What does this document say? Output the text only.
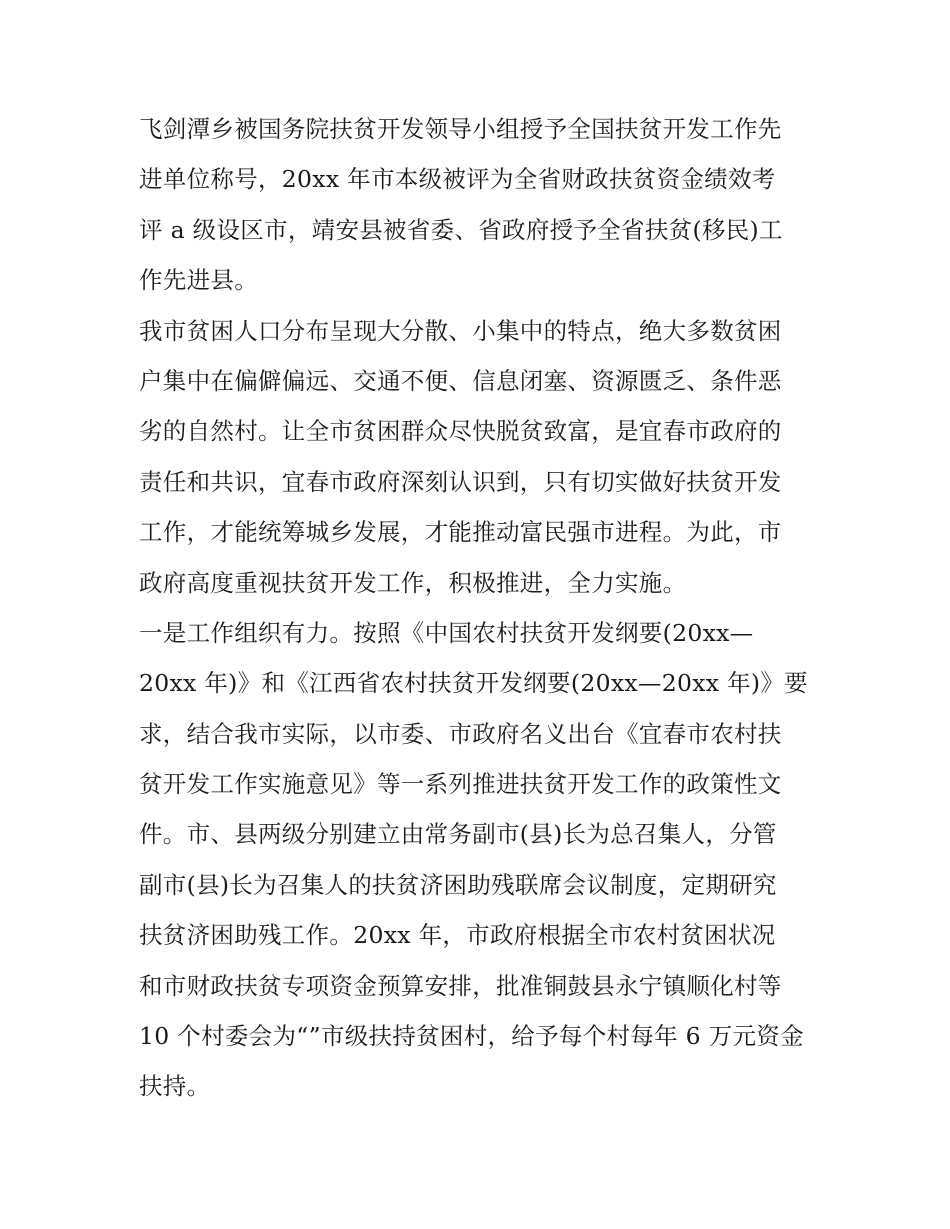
飞剑潭乡被国务院扶贫开发领导小组授予全国扶贫开发工作先
进单位称号，20xx 年市本级被评为全省财政扶贫资金绩效考
评 a 级设区市，靖安县被省委、省政府授予全省扶贫(移民)工
作先进县。
我市贫困人口分布呈现大分散、小集中的特点，绝大多数贫困
户集中在偏僻偏远、交通不便、信息闭塞、资源匮乏、条件恶
劣的自然村。让全市贫困群众尽快脱贫致富，是宜春市政府的
责任和共识，宜春市政府深刻认识到，只有切实做好扶贫开发
工作，才能统筹城乡发展，才能推动富民强市进程。为此，市
政府高度重视扶贫开发工作，积极推进，全力实施。
一是工作组织有力。按照《中国农村扶贫开发纲要(20xx—
20xx 年)》和《江西省农村扶贫开发纲要(20xx—20xx 年)》要
求，结合我市实际，以市委、市政府名义出台《宜春市农村扶
贫开发工作实施意见》等一系列推进扶贫开发工作的政策性文
件。市、县两级分别建立由常务副市(县)长为总召集人，分管
副市(县)长为召集人的扶贫济困助残联席会议制度，定期研究
扶贫济困助残工作。20xx 年，市政府根据全市农村贫困状况
和市财政扶贫专项资金预算安排，批准铜鼓县永宁镇顺化村等
10 个村委会为“”市级扶持贫困村，给予每个村每年 6 万元资金
扶持。
